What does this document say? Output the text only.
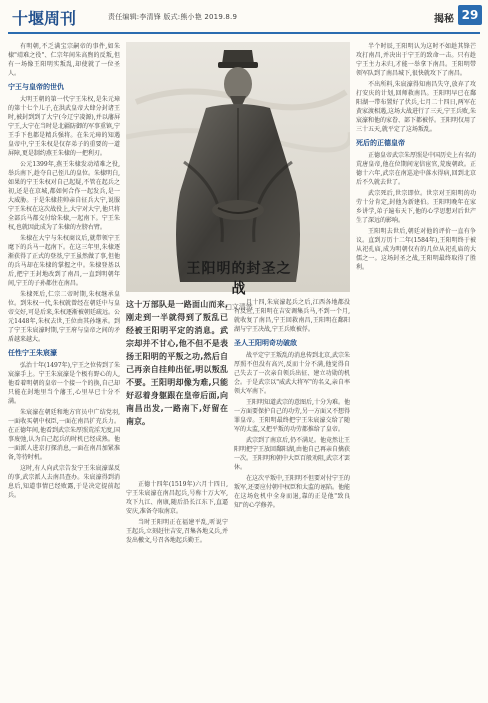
十堰周刊	责任编辑:李清锋 版式:熊小艳 2019.8.9	揭秘 29

有明朝,不乏满宝宗嗣帝的事件,如朱棣"靖难之役"、仁宗年间朱高煦的反叛,但有一场像王阳明实叛乱,却使就了一位圣人。

宁王与皇帝的世仇

大明王朝的第一代宁王朱权,是朱元璋的第十七个儿子,在洪武皇帝大肆分封诸王时,被封到到了大宁(今辽宁凌源),并以藩屏宁王,大宁在当时是北疆防御的军事重镇,宁王手下也都是精兵强将。在朱元璋的知遇皇帝中,宁王朱权是仅存弟子的重要的一道屏障,更是制约燕王朱棣的一把利刃。

公元1399年,燕王朱棣发动靖难之役,举兵南下,趁夺自己侄儿的皇位。朱棣明白,如果的宁王朱权对自己起疑,不管在起兵之初,还是在京城,都如何合作一起发兵,是一大威胁。于是朱棣挂帅亲自征兵大宁,说服宁王朱权在这次战役上,大宁对大宁,他只将全部兵马都交付给朱棣,一起南下。宁王朱权,也就因此成为了朱棣的左膀右臂。

朱棣在大宁与朱权商议后,就带领宁王麾下的兵马一起南下。在这三年里,朱棣逐渐获得了正式的登基,宁王虽然做了事,但他的兵马却在朱棣的掌握之中。朱棣登基以后,把宁王封地改到了南昌,一直到明朝年间,宁王的子孙都住在南昌。

朱棣死后,仁宗二帝时期,朱权继承皇位。到朱权一代,朱权就曾经在朝廷中与皇帝交好,可是后来,朱权逐渐被朝廷疏远。公元1448年,朱权去世,王位由其孙继承。到了宁王朱宸濠时期,宁王府与皇帝之间的矛盾越来越大。

任性宁王朱宸濠

弘治十年(1497年),宁王之位传到了朱宸濠手上。宁王朱宸濠是个极有野心的人,他看着明朝的皇帝一个接一个的换,自己却只能在封地里当个藩王,心里早已十分不满。

朱宸濠在朝廷和地方官员中广结党羽,一面收买朝中权臣,一面在南昌扩充兵力。在正德年间,他看到武宗朱厚照荒淫无度,国事废弛,认为自己起兵的时机已经成熟。他一面派人进京打探消息,一面在南昌加紧准备,等待时机。

这时,有人向武宗告发宁王朱宸濠谋反的事,武宗派人去南昌查办。朱宸濠得到消息后,知道事情已经败露,于是决定提前起兵。

王阳明的封圣之战
□文清然
这十万部队是一路面山而来,刚走到一半就得到了叛乱已经被王阳明平定的消息。武宗却并不甘心,他不但不是表扬王阳明的平叛之功,然后自己再亲自挂帅出征,明以叛乱不要。王阳明却像为难,只能好忍着身躯跟在皇帝后面,向南昌出发,一路南下,好留在南京。

正德十四年(1519年)六月十四日,宁王朱宸濠在南昌起兵,号称十万大军,攻下九江、南康,随后沿长江东下,直逼安庆,准备夺取南京。

当时王阳明正在福建平乱,听说宁王起兵,立刻赶往吉安,召集各地义兵,并发出檄文,号召各地起兵勤王。

月十四,朱宸濠起兵之后,江西各地都没有反应,王阳明在吉安调集兵马,不到一个月,就收复了南昌,宁王回救南昌,王阳明在鄱阳湖与宁王决战,宁王兵败被俘。

圣人王阳明奇功破敌

战平定宁王叛乱的消息传到北京,武宗朱厚照不但没有高兴,反而十分不满,他觉得自己失去了一次亲自领兵出征、建立功勋的机会。于是武宗以"威武大将军"的名义,亲自率领大军南下。

王阳明知道武宗的意图后,十分为难。他一方面要保护自己的功劳,另一方面又不想得罪皇帝。王阳明最终把宁王朱宸濠交给了随军的太监,又把平叛的功劳都推给了皇帝。

武宗到了南京后,仍不满足。他竟然让王阳明把宁王放回鄱阳湖,由他自己再亲自擒获一次。王阳明和朝中大臣百般劝阻,武宗才罢休。

在这次平叛中,王阳明不但要对付宁王的叛军,还要应付朝中权臣和太监的诬陷。他能在这场危机中全身而退,靠的正是他"致良知"的心学修养。

半个时辰,王阳明认为这时不如趁其锋芒攻打南昌,并决出于宁王的致命一击。只有趁宁王主力未归,才能一举拿下南昌。王阳明带领军队到了南昌城下,很快就攻下了南昌。

不出所料,朱宸濠得知南昌失守,放弃了攻打安庆的计划,回师救南昌。王阳明早已在鄱阳湖一带布置好了伏兵,七月二十四日,两军在黄家渡相遇,这场大战进行了三天,宁王兵败,朱宸濠和他的家眷、部下都被俘。王阳明仅用了三十五天,就平定了这场叛乱。

死后的正德皇帝

正德皇帝武宗朱厚照是中国历史上有名的荒唐皇帝,他在位期间宠信宦官,荒废朝政。正德十六年,武宗在南巡途中落水得病,回到北京后不久就去世了。

武宗死后,世宗即位。世宗对王阳明的功劳十分肯定,封他为新建伯。王阳明晚年在家乡讲学,弟子遍布天下,他的心学思想对后世产生了深远的影响。

王阳明去世后,朝廷对他的评价一直有争议。直到万历十二年(1584年),王阳明终于被从祀孔庙,成为明朝仅有的几位从祀孔庙的大儒之一。这场封圣之战,王阳明最终取得了胜利。
